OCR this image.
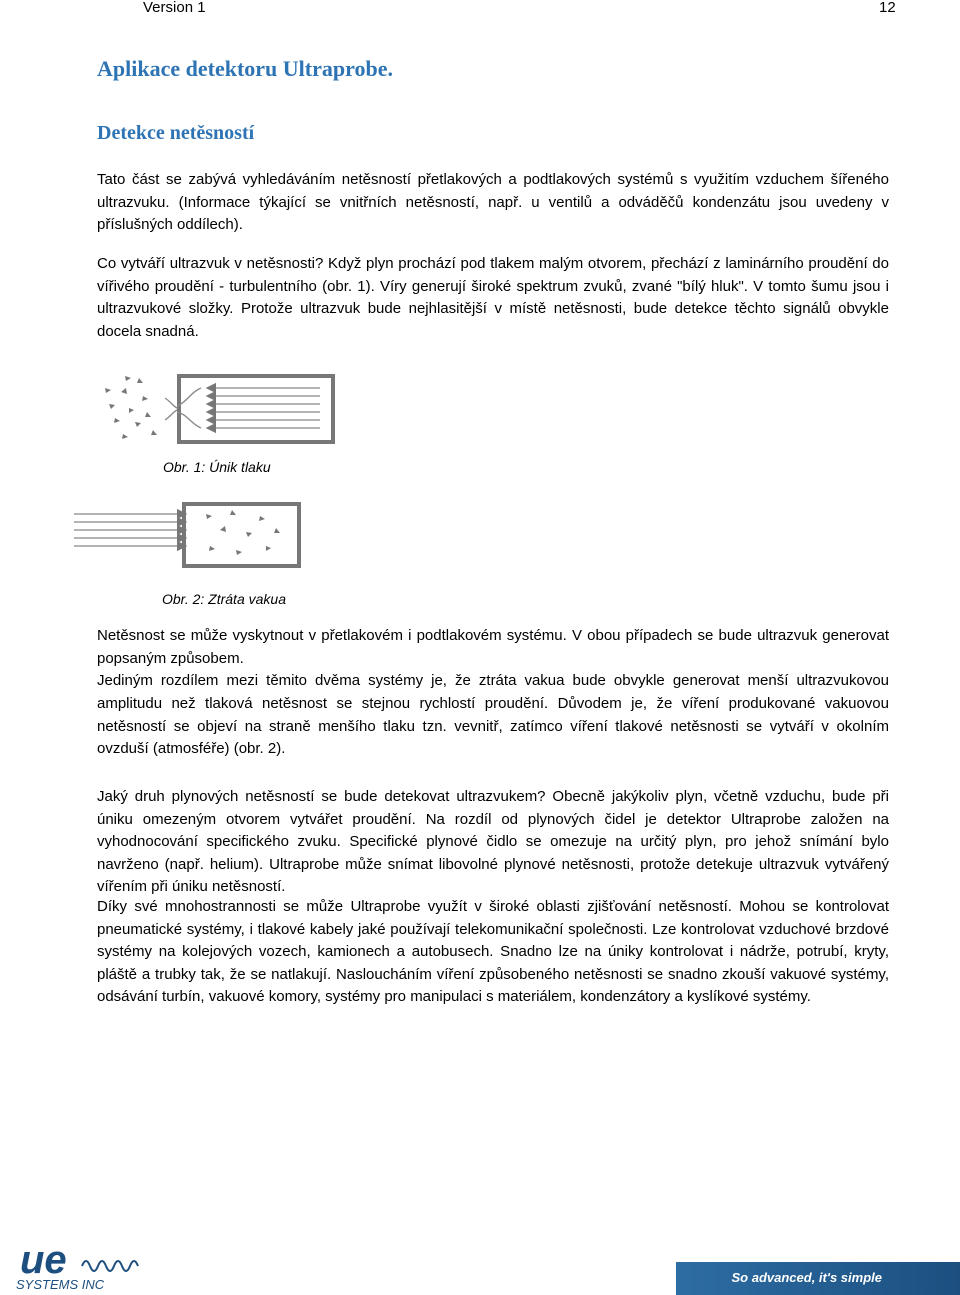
Version 1	12
Aplikace detektoru Ultraprobe.
Detekce netěsností

Tato část se zabývá vyhledáváním netěsností přetlakových a podtlakových systémů s využitím vzduchem šířeného ultrazvuku. (Informace týkající se vnitřních netěsností, např. u ventilů a odváděčů kondenzátu jsou uvedeny v příslušných oddílech).

Co vytváří ultrazvuk v netěsnosti? Když plyn prochází pod tlakem malým otvorem, přechází z laminárního proudění do vířivého proudění - turbulentního (obr. 1). Víry generují široké spektrum zvuků, zvané "bílý hluk". V tomto šumu jsou i ultrazvukové složky. Protože ultrazvuk bude nejhlasitější v místě netěsnosti, bude detekce těchto signálů obvykle docela snadná.

Obr. 1: Únik tlaku

Obr. 2: Ztráta vakua

Netěsnost se může vyskytnout v přetlakovém i podtlakovém systému. V obou případech se bude ultrazvuk generovat popsaným způsobem.

Jediným rozdílem mezi těmito dvěma systémy je, že ztráta vakua bude obvykle generovat menší ultrazvukovou amplitudu než tlaková netěsnost se stejnou rychlostí proudění. Důvodem je, že víření produkované vakuovou netěsností se objeví na straně menšího tlaku tzn. vevnitř, zatímco víření tlakové netěsnosti se vytváří v okolním ovzduší (atmosféře) (obr. 2).

Jaký druh plynových netěsností se bude detekovat ultrazvukem? Obecně jakýkoliv plyn, včetně vzduchu, bude při úniku omezeným otvorem vytvářet proudění. Na rozdíl od plynových čidel je detektor Ultraprobe založen na vyhodnocování specifického zvuku. Specifické plynové čidlo se omezuje na určitý plyn, pro jehož snímání bylo navrženo (např. helium). Ultraprobe může snímat libovolné plynové netěsnosti, protože detekuje ultrazvuk vytvářený vířením při úniku netěsností.

Díky své mnohostrannosti se může Ultraprobe využít v široké oblasti zjišťování netěsností. Mohou se kontrolovat pneumatické systémy, i tlakové kabely jaké používají telekomunikační společnosti. Lze kontrolovat vzduchové brzdové systémy na kolejových vozech, kamionech a autobusech. Snadno lze na úniky kontrolovat i nádrže, potrubí, kryty, pláště a trubky tak, že se natlakují. Nasloucháním víření způsobeného netěsnosti se snadno zkouší vakuové systémy, odsávání turbín, vakuové komory, systémy pro manipulaci s materiálem, kondenzátory a kyslíkové systémy.

ue
SYSTEMS INC	So advanced, it's simple
